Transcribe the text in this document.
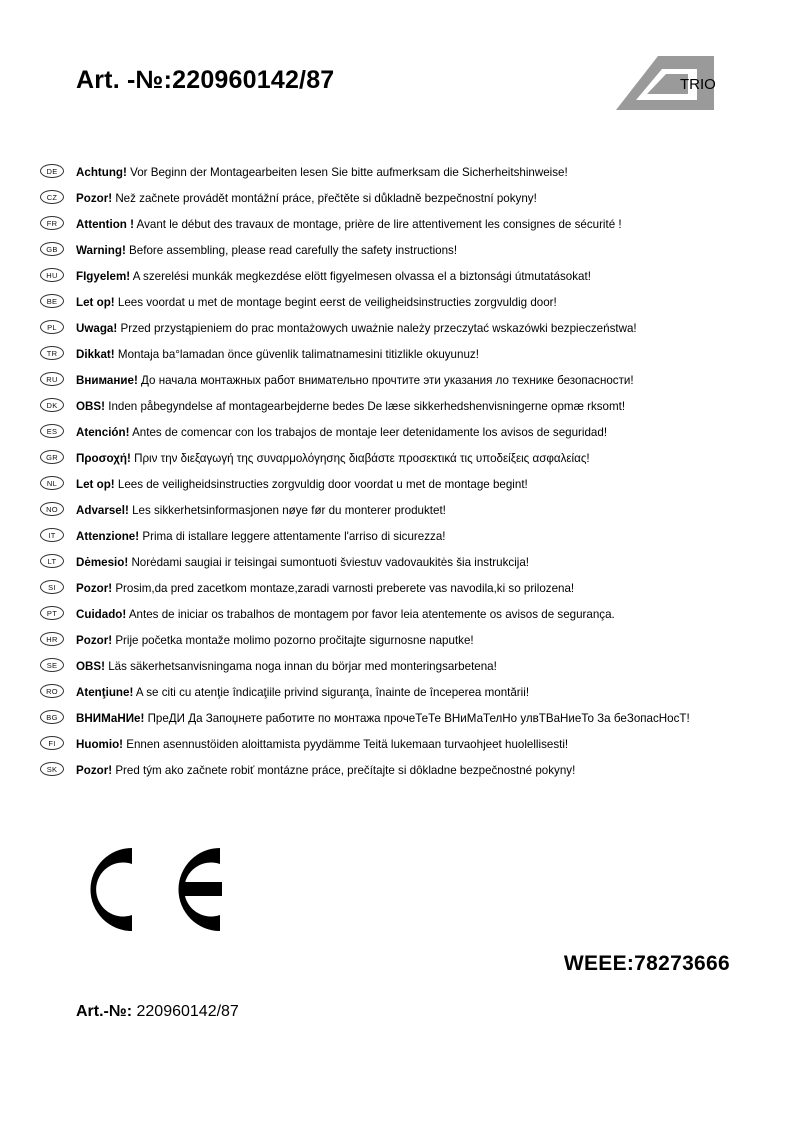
Art. -№:220960142/87	TRIO
DE	Achtung! Vor Beginn der Montagearbeiten lesen Sie bitte aufmerksam die Sicherheitshinweise!
CZ	Pozor! Než začnete provádět montážní práce, přečtěte si důkladně bezpečnostní pokyny!
FR	Attention ! Avant le début des travaux de montage, prière de lire attentivement les consignes de sécurité !
GB	Warning! Before assembling, please read carefully the safety instructions!
HU	FIgyelem! A szerelési munkák megkezdése elött figyelmesen olvassa el a biztonsági útmutatásokat!
BE	Let op! Lees voordat u met de montage begint eerst de veiligheidsinstructies zorgvuldig door!
PL	Uwaga! Przed przystąpieniem do prac montażowych uważnie należy przeczytać wskazówki bezpieczeństwa!
TR	Dikkat! Montaja ba°lamadan önce güvenlik talimatnamesini titizlikle okuyunuz!
RU	Внимание! До начала монтажных работ внимательно прочтите эти указания ло технике безопасности!
DK	OBS! Inden påbegyndelse af montagearbejderne bedes De læse sikkerhedshenvisningerne opmæ rksomt!
ES	Atención! Antes de comencar con los trabajos de montaje leer detenidamente los avisos de seguridad!
GR	Προσοχή! Πριν την διεξαγωγή της συναρμολόγησης διαβάστε προσεκτικά τις υποδείξεις ασφαλείας!
NL	Let op! Lees de veiligheidsinstructies zorgvuldig door voordat u met de montage begint!
NO	Advarsel! Les sikkerhetsinformasjonen nøye før du monterer produktet!
IT	Attenzione! Prima di istallare leggere attentamente l'arriso di sicurezza!
LT	Dėmesio! Norėdami saugiai ir teisingai sumontuoti šviestuv vadovaukitės šia instrukcija!
SI	Pozor! Prosim,da pred zacetkom montaze,zaradi varnosti preberete vas navodila,ki so prilozena!
PT	Cuidado! Antes de iniciar os trabalhos de montagem por favor leia atentemente os avisos de segurança.
HR	Pozor! Prije početka montaže molimo pozorno pročitajte sigurnosne naputke!
SE	OBS! Läs säkerhetsanvisningama noga innan du börjar med monteringsarbetena!
RO	Atenţiune! A se citi cu atenţie îndicaţiile privind siguranţa, înainte de începerea montării!
BG	ВНИМаНИе! ПреДИ Да Запоџнете работите по монтажа прочеТеТе ВНиМаТелНо улвТВаНиеТо За беЗопасНосТ!
FI	Huomio! Ennen asennustöiden aloittamista pyydämme Teitä lukemaan turvaohjeet huolellisesti!
SK	Pozor! Pred tým ako začnete robiť montázne práce, prečítajte si dôkladne bezpečnostné pokyny!
WEEE:78273666
Art.-№: 220960142/87
